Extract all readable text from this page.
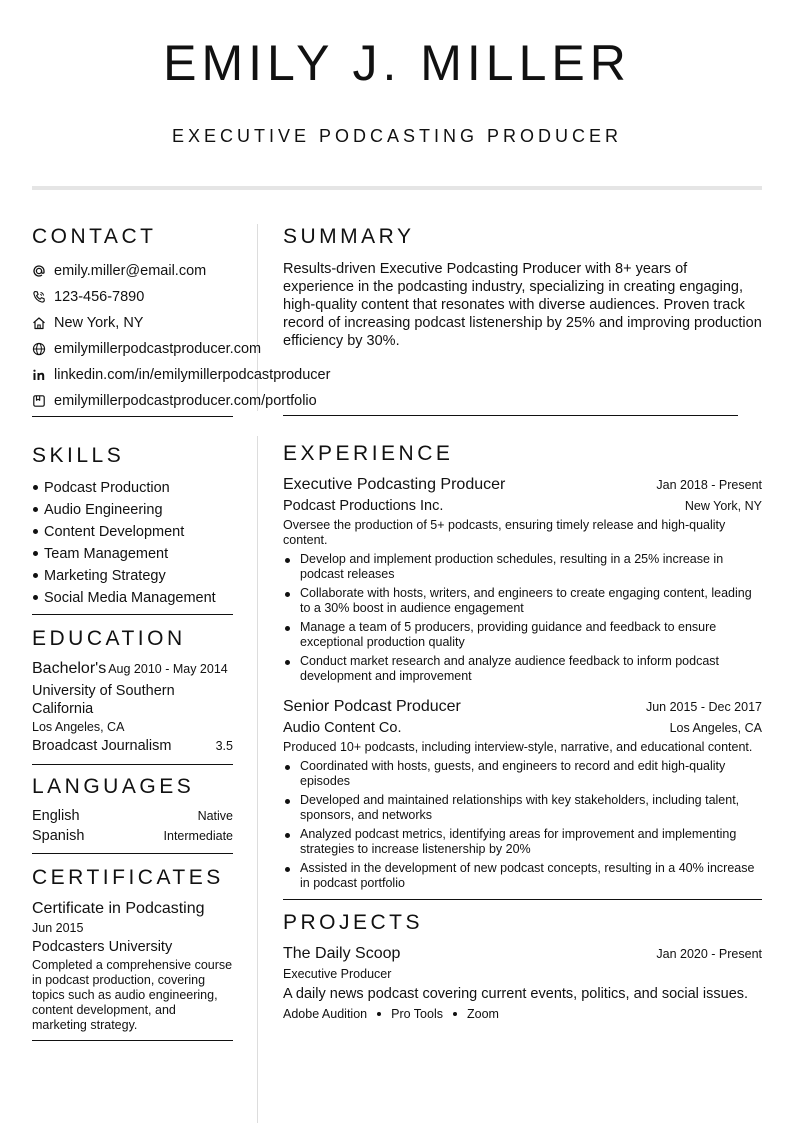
EMILY J. MILLER
EXECUTIVE PODCASTING PRODUCER
CONTACT
emily.miller@email.com
123-456-7890
New York, NY
emilymillerpodcastproducer.com
linkedin.com/in/emilymillerpodcastproducer
emilymillerpodcastproducer.com/portfolio
SKILLS
Podcast Production
Audio Engineering
Content Development
Team Management
Marketing Strategy
Social Media Management
EDUCATION
Bachelor's Aug 2010 - May 2014
University of Southern California
Los Angeles, CA
Broadcast Journalism	3.5
LANGUAGES
English	Native
Spanish	Intermediate
CERTIFICATES
Certificate in Podcasting
Jun 2015
Podcasters University
Completed a comprehensive course in podcast production, covering topics such as audio engineering, content development, and marketing strategy.
SUMMARY

Results-driven Executive Podcasting Producer with 8+ years of experience in the podcasting industry, specializing in creating engaging, high-quality content that resonates with diverse audiences. Proven track record of increasing podcast listenership by 25% and improving production efficiency by 30%.

EXPERIENCE
Executive Podcasting Producer	Jan 2018 - Present
Podcast Productions Inc.	New York, NY
Oversee the production of 5+ podcasts, ensuring timely release and high-quality content.
Develop and implement production schedules, resulting in a 25% increase in podcast releases
Collaborate with hosts, writers, and engineers to create engaging content, leading to a 30% boost in audience engagement
Manage a team of 5 producers, providing guidance and feedback to ensure exceptional production quality
Conduct market research and analyze audience feedback to inform podcast development and improvement
Senior Podcast Producer	Jun 2015 - Dec 2017
Audio Content Co.	Los Angeles, CA
Produced 10+ podcasts, including interview-style, narrative, and educational content.
Coordinated with hosts, guests, and engineers to record and edit high-quality episodes
Developed and maintained relationships with key stakeholders, including talent, sponsors, and networks
Analyzed podcast metrics, identifying areas for improvement and implementing strategies to increase listenership by 20%
Assisted in the development of new podcast concepts, resulting in a 40% increase in podcast portfolio
PROJECTS
The Daily Scoop	Jan 2020 - Present
Executive Producer
A daily news podcast covering current events, politics, and social issues.
Adobe Audition Pro Tools Zoom
